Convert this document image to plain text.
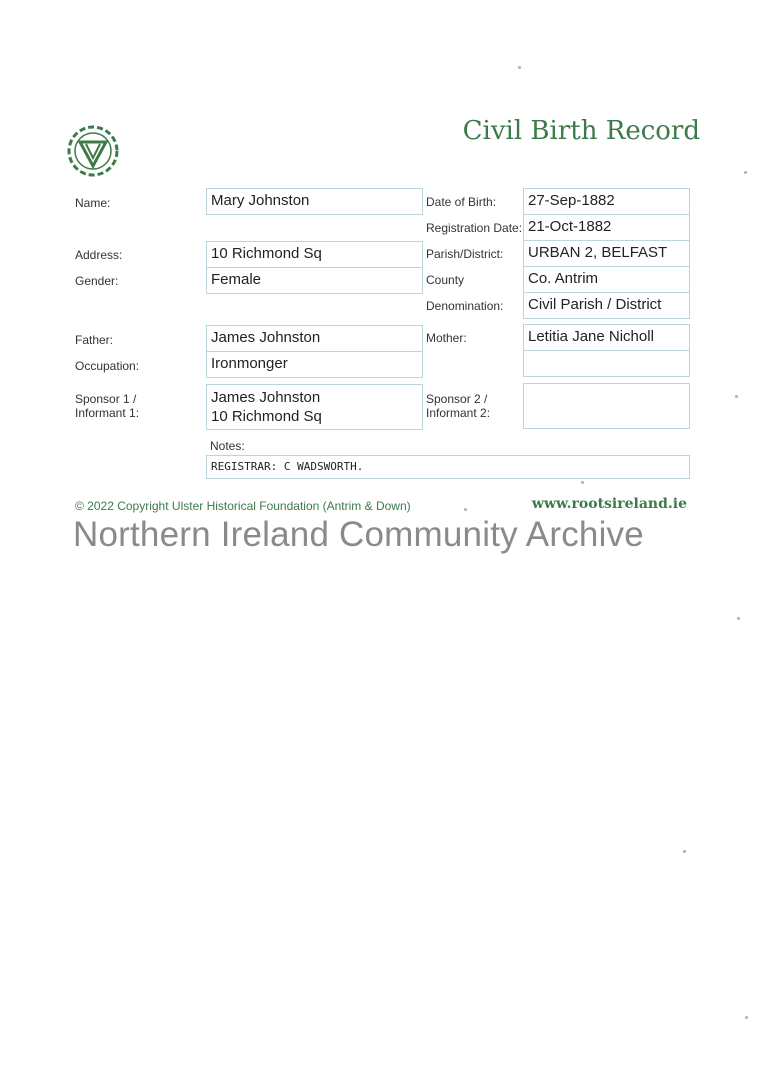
Civil Birth Record
Name:
Address:
Gender:
Father:
Occupation:
Sponsor 1 / Informant 1:
Notes:
Mary Johnston
10 Richmond Sq
Female
James Johnston
Ironmonger
James Johnston
10 Richmond Sq
Date of Birth:
Registration Date:
Parish/District:
County
Denomination:
Mother:
Sponsor 2 / Informant 2:
27-Sep-1882
21-Oct-1882
URBAN 2, BELFAST
Co. Antrim
Civil Parish / District
Letitia Jane Nicholl
REGISTRAR: C WADSWORTH.
© 2022 Copyright Ulster Historical Foundation (Antrim & Down)	www.rootsireland.ie
Northern Ireland Community Archive
